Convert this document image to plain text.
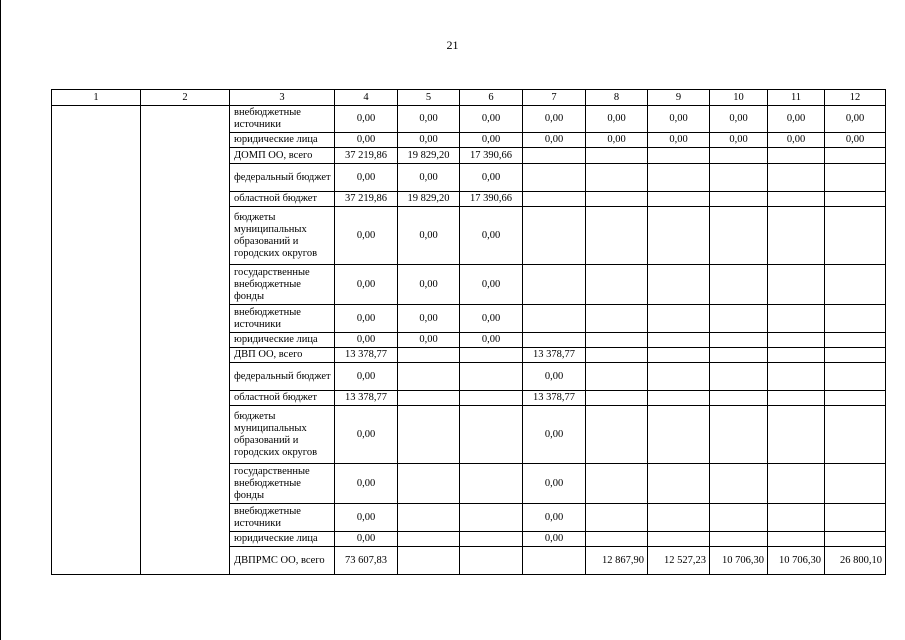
21
1	2	3	4	5	6	7	8	9	10	11	12
		внебюджетные источники	0,00	0,00	0,00	0,00	0,00	0,00	0,00	0,00	0,00
		юридические лица	0,00	0,00	0,00	0,00	0,00	0,00	0,00	0,00	0,00
		ДОМП ОО, всего	37 219,86	19 829,20	17 390,66						
		федеральный бюджет	0,00	0,00	0,00						
		областной бюджет	37 219,86	19 829,20	17 390,66						
		бюджеты муниципальных образований и городских округов	0,00	0,00	0,00						
		государственные внебюджетные фонды	0,00	0,00	0,00						
		внебюджетные источники	0,00	0,00	0,00						
		юридические лица	0,00	0,00	0,00						
		ДВП ОО, всего	13 378,77			13 378,77					
		федеральный бюджет	0,00			0,00					
		областной бюджет	13 378,77			13 378,77					
		бюджеты муниципальных образований и городских округов	0,00			0,00					
		государственные внебюджетные фонды	0,00			0,00					
		внебюджетные источники	0,00			0,00					
		юридические лица	0,00			0,00					
		ДВПРМС ОО, всего	73 607,83				12 867,90	12 527,23	10 706,30	10 706,30	26 800,10
